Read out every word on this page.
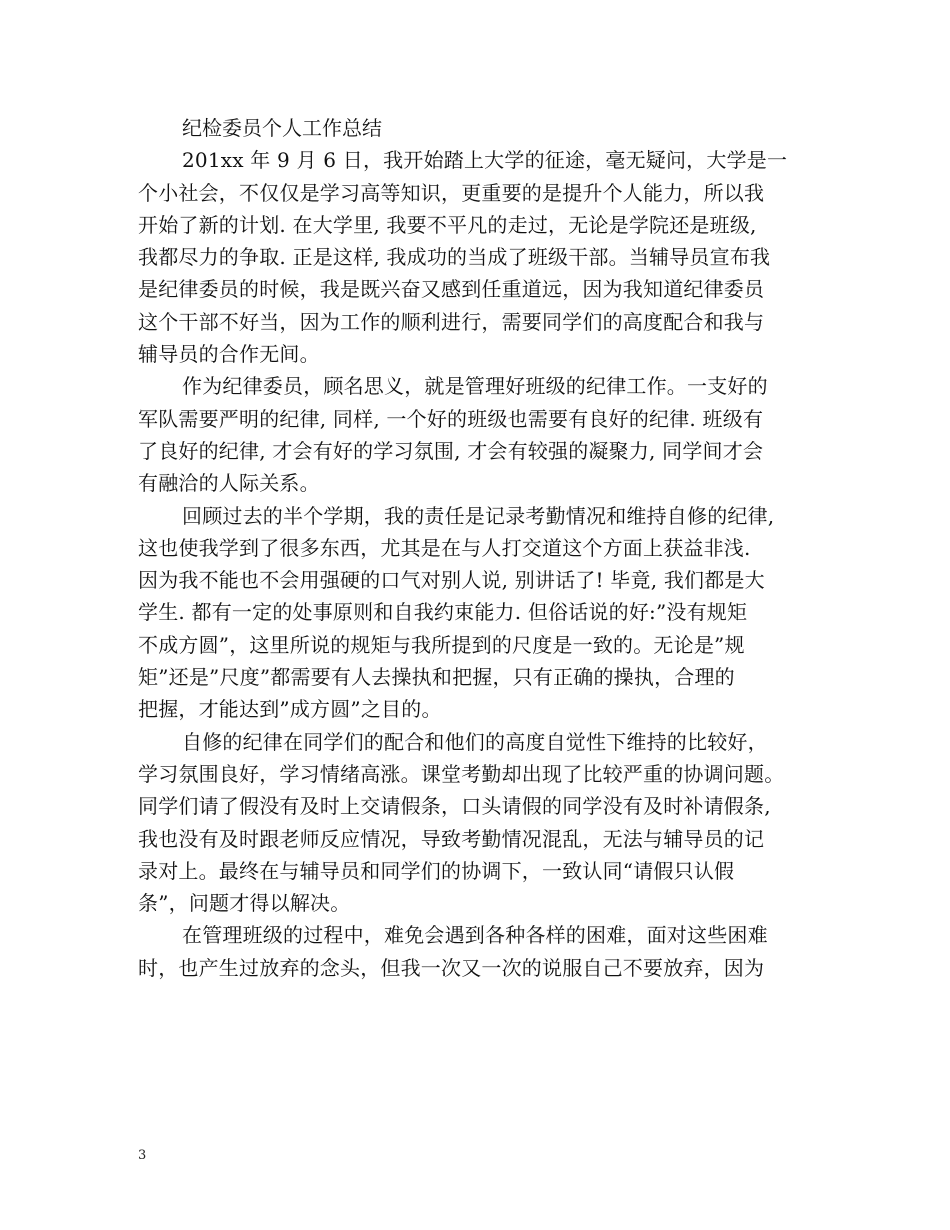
纪检委员个人工作总结
201xx 年 9 月 6 日，我开始踏上大学的征途，毫无疑问，大学是一
个小社会，不仅仅是学习高等知识，更重要的是提升个人能力，所以我
开始了新的计划. 在大学里, 我要不平凡的走过，无论是学院还是班级,
我都尽力的争取. 正是这样, 我成功的当成了班级干部。当辅导员宣布我
是纪律委员的时候，我是既兴奋又感到任重道远，因为我知道纪律委员
这个干部不好当，因为工作的顺利进行，需要同学们的高度配合和我与
辅导员的合作无间。
作为纪律委员，顾名思义，就是管理好班级的纪律工作。一支好的
军队需要严明的纪律, 同样, 一个好的班级也需要有良好的纪律. 班级有
了良好的纪律, 才会有好的学习氛围, 才会有较强的凝聚力, 同学间才会
有融洽的人际关系。
回顾过去的半个学期，我的责任是记录考勤情况和维持自修的纪律,
这也使我学到了很多东西，尤其是在与人打交道这个方面上获益非浅.
因为我不能也不会用强硬的口气对别人说, 别讲话了! 毕竟, 我们都是大
学生. 都有一定的处事原则和自我约束能力. 但俗话说的好:”没有规矩
不成方圆”，这里所说的规矩与我所提到的尺度是一致的。无论是”规
矩”还是”尺度”都需要有人去操执和把握，只有正确的操执，合理的
把握，才能达到”成方圆”之目的。
自修的纪律在同学们的配合和他们的高度自觉性下维持的比较好，
学习氛围良好，学习情绪高涨。课堂考勤却出现了比较严重的协调问题。
同学们请了假没有及时上交请假条，口头请假的同学没有及时补请假条,
我也没有及时跟老师反应情况，导致考勤情况混乱，无法与辅导员的记
录对上。最终在与辅导员和同学们的协调下，一致认同“请假只认假
条”，问题才得以解决。
在管理班级的过程中，难免会遇到各种各样的困难，面对这些困难
时，也产生过放弃的念头，但我一次又一次的说服自己不要放弃，因为
3
